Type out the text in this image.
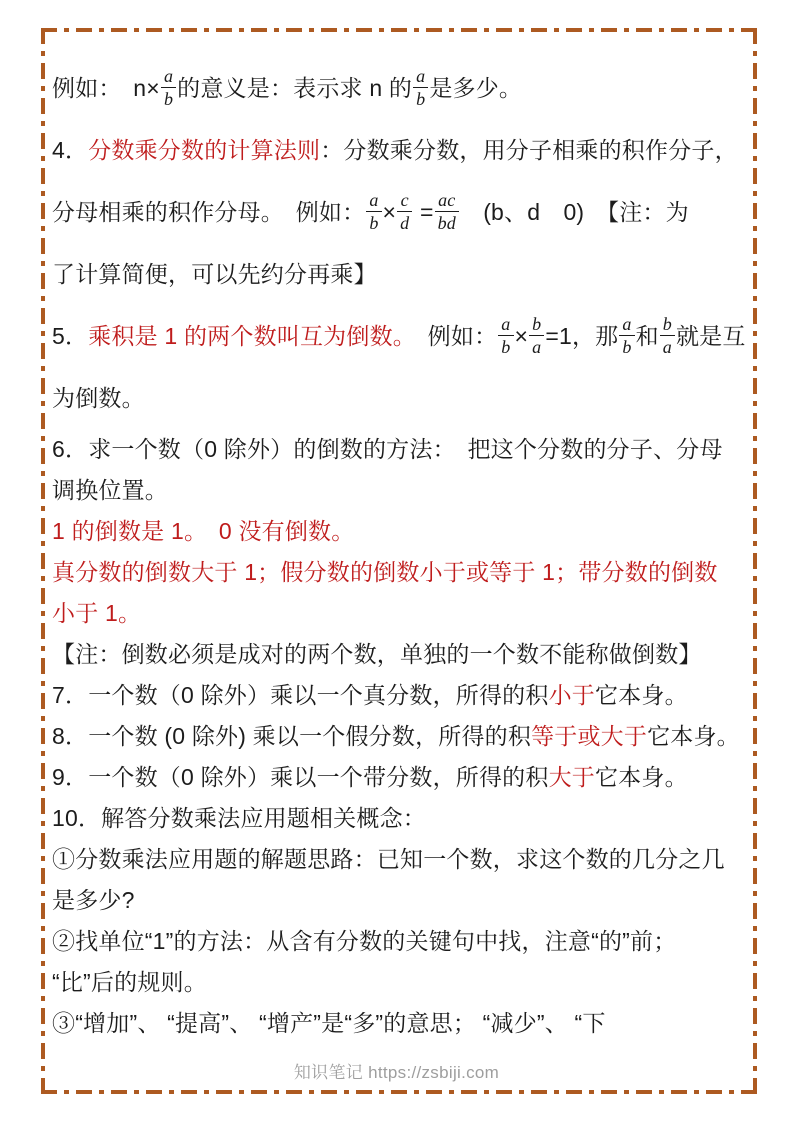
例如：　$n\times \frac{a}{b}$ 的意义是：表示求 n 的 $\frac{a}{b}$ 是多少。
4．分数乘分数的计算法则：分数乘分数，用分子相乘的积作分子，
分母相乘的积作分母。　例如： $\frac{a}{b} \times \frac{c}{d} = \frac{ac}{bd}$ 　(b、d　0)　【注：为
了计算简便，可以先约分再乘】
5．乘积是 1 的两个数叫互为倒数。　例如： $\frac{a}{b} \times \frac{b}{a} =1$，那 $\frac{a}{b}$ 和 $\frac{b}{a}$ 就是互
为倒数。
6．求一个数（0 除外）的倒数的方法：　把这个分数的分子、分母
调换位置。
1 的倒数是 1。　0 没有倒数。
真分数的倒数大于 1；假分数的倒数小于或等于 1；带分数的倒数
小于 1。
【注：倒数必须是成对的两个数，单独的一个数不能称做倒数】
7．一个数（0 除外）乘以一个真分数，所得的积小于它本身。
8．一个数 (0 除外) 乘以一个假分数，所得的积等于或大于它本身。
9．一个数（0 除外）乘以一个带分数，所得的积大于它本身。
10．解答分数乘法应用题相关概念：
①分数乘法应用题的解题思路：已知一个数，求这个数的几分之几
是多少?
②找单位“1”的方法：从含有分数的关键句中找，注意“的”前；
“比”后的规则。
③“增加”、 “提高”、 “增产”是“多”的意思； “减少”、 “下
知识笔记 https://zsbiji.com
